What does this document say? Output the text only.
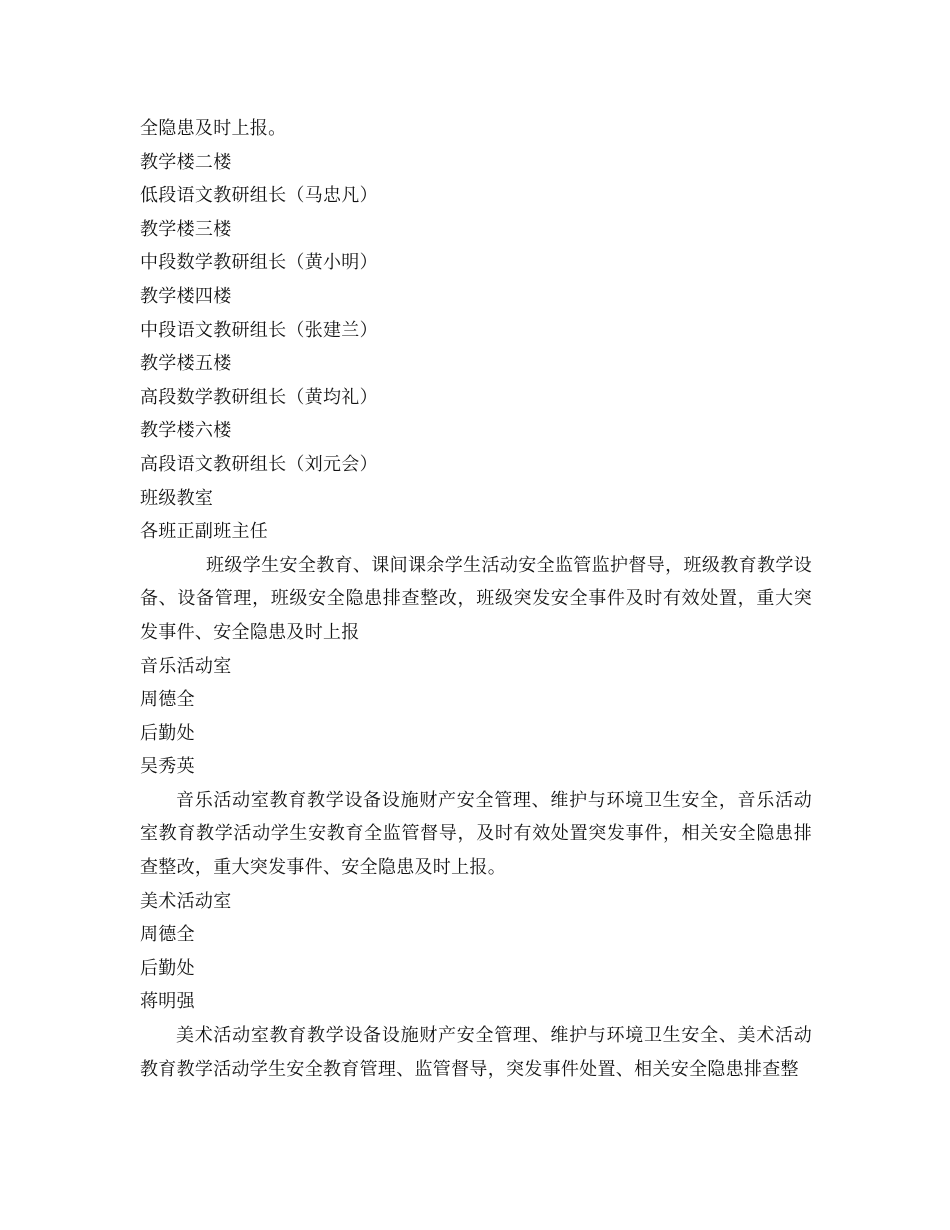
全隐患及时上报。

教学楼二楼

低段语文教研组长（马忠凡）

教学楼三楼

中段数学教研组长（黄小明）

教学楼四楼

中段语文教研组长（张建兰）

教学楼五楼

高段数学教研组长（黄均礼）

教学楼六楼

高段语文教研组长（刘元会）

班级教室

各班正副班主任

班级学生安全教育、课间课余学生活动安全监管监护督导，班级教育教学设备、设备管理，班级安全隐患排查整改，班级突发安全事件及时有效处置，重大突发事件、安全隐患及时上报

音乐活动室

周德全

后勤处

吴秀英

音乐活动室教育教学设备设施财产安全管理、维护与环境卫生安全，音乐活动室教育教学活动学生安教育全监管督导，及时有效处置突发事件，相关安全隐患排查整改，重大突发事件、安全隐患及时上报。

美术活动室

周德全

后勤处

蒋明强

美术活动室教育教学设备设施财产安全管理、维护与环境卫生安全、美术活动教育教学活动学生安全教育管理、监管督导，突发事件处置、相关安全隐患排查整
